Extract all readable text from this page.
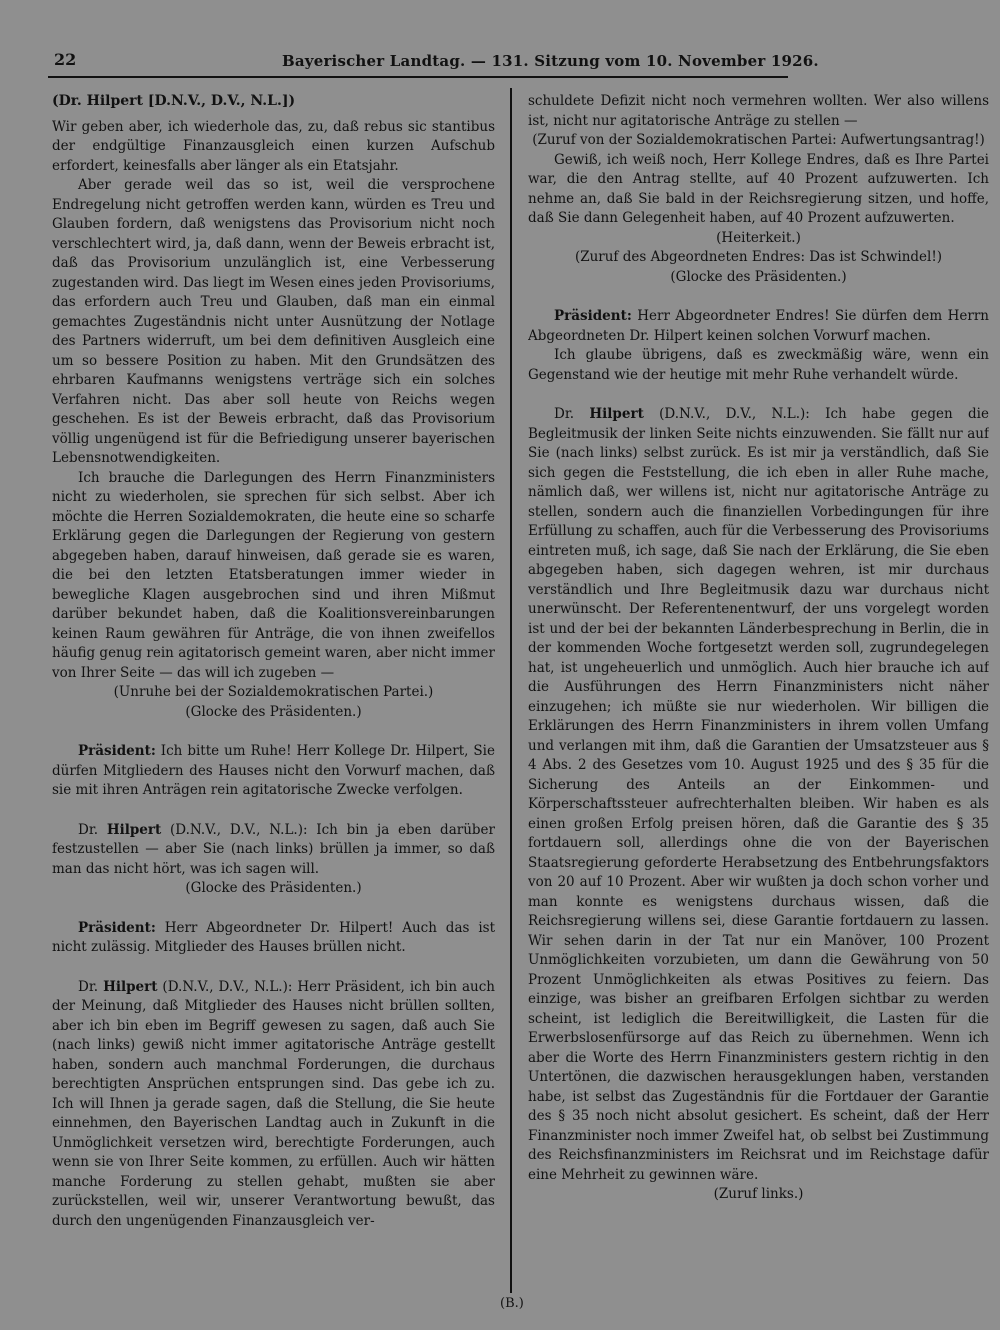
22	Bayerischer Landtag. — 131. Sitzung vom 10. November 1926.

(Dr. Hilpert [D.N.V., D.V., N.L.])

Wir geben aber, ich wiederhole das, zu, daß rebus sic stantibus der endgültige Finanzausgleich einen kurzen Aufschub erfordert, keinesfalls aber länger als ein Etatsjahr.

Aber gerade weil das so ist, weil die versprochene Endregelung nicht getroffen werden kann, würden es Treu und Glauben fordern, daß wenigstens das Provisorium nicht noch verschlechtert wird, ja, daß dann, wenn der Beweis erbracht ist, daß das Provisorium unzulänglich ist, eine Verbesserung zugestanden wird. Das liegt im Wesen eines jeden Provisoriums, das erfordern auch Treu und Glauben, daß man ein einmal gemachtes Zugeständnis nicht unter Ausnützung der Notlage des Partners widerruft, um bei dem definitiven Ausgleich eine um so bessere Position zu haben. Mit den Grundsätzen des ehrbaren Kaufmanns wenigstens verträge sich ein solches Verfahren nicht. Das aber soll heute von Reichs wegen geschehen. Es ist der Beweis erbracht, daß das Provisorium völlig ungenügend ist für die Befriedigung unserer bayerischen Lebensnotwendigkeiten.

Ich brauche die Darlegungen des Herrn Finanzministers nicht zu wiederholen, sie sprechen für sich selbst. Aber ich möchte die Herren Sozialdemokraten, die heute eine so scharfe Erklärung gegen die Darlegungen der Regierung von gestern abgegeben haben, darauf hinweisen, daß gerade sie es waren, die bei den letzten Etatsberatungen immer wieder in bewegliche Klagen ausgebrochen sind und ihren Mißmut darüber bekundet haben, daß die Koalitionsvereinbarungen keinen Raum gewähren für Anträge, die von ihnen zweifellos häufig genug rein agitatorisch gemeint waren, aber nicht immer von Ihrer Seite — das will ich zugeben —

(Unruhe bei der Sozialdemokratischen Partei.)

(Glocke des Präsidenten.)

Präsident: Ich bitte um Ruhe! Herr Kollege Dr. Hilpert, Sie dürfen Mitgliedern des Hauses nicht den Vorwurf machen, daß sie mit ihren Anträgen rein agitatorische Zwecke verfolgen.

Dr. Hilpert (D.N.V., D.V., N.L.): Ich bin ja eben darüber festzustellen — aber Sie (nach links) brüllen ja immer, so daß man das nicht hört, was ich sagen will.

(Glocke des Präsidenten.)

Präsident: Herr Abgeordneter Dr. Hilpert! Auch das ist nicht zulässig. Mitglieder des Hauses brüllen nicht.

Dr. Hilpert (D.N.V., D.V., N.L.): Herr Präsident, ich bin auch der Meinung, daß Mitglieder des Hauses nicht brüllen sollten, aber ich bin eben im Begriff gewesen zu sagen, daß auch Sie (nach links) gewiß nicht immer agitatorische Anträge gestellt haben, sondern auch manchmal Forderungen, die durchaus berechtigten Ansprüchen entsprungen sind. Das gebe ich zu. Ich will Ihnen ja gerade sagen, daß die Stellung, die Sie heute einnehmen, den Bayerischen Landtag auch in Zukunft in die Unmöglichkeit versetzen wird, berechtigte Forderungen, auch wenn sie von Ihrer Seite kommen, zu erfüllen. Auch wir hätten manche Forderung zu stellen gehabt, mußten sie aber zurückstellen, weil wir, unserer Verantwortung bewußt, das durch den ungenügenden Finanzausgleich ver-

schuldete Defizit nicht noch vermehren wollten. Wer also willens ist, nicht nur agitatorische Anträge zu stellen —

(Zuruf von der Sozialdemokratischen Partei: Aufwertungsantrag!)

Gewiß, ich weiß noch, Herr Kollege Endres, daß es Ihre Partei war, die den Antrag stellte, auf 40 Prozent aufzuwerten. Ich nehme an, daß Sie bald in der Reichsregierung sitzen, und hoffe, daß Sie dann Gelegenheit haben, auf 40 Prozent aufzuwerten.

(Heiterkeit.)

(Zuruf des Abgeordneten Endres: Das ist Schwindel!)

(Glocke des Präsidenten.)

Präsident: Herr Abgeordneter Endres! Sie dürfen dem Herrn Abgeordneten Dr. Hilpert keinen solchen Vorwurf machen.

Ich glaube übrigens, daß es zweckmäßig wäre, wenn ein Gegenstand wie der heutige mit mehr Ruhe verhandelt würde.

Dr. Hilpert (D.N.V., D.V., N.L.): Ich habe gegen die Begleitmusik der linken Seite nichts einzuwenden. Sie fällt nur auf Sie (nach links) selbst zurück. Es ist mir ja verständlich, daß Sie sich gegen die Feststellung, die ich eben in aller Ruhe mache, nämlich daß, wer willens ist, nicht nur agitatorische Anträge zu stellen, sondern auch die finanziellen Vorbedingungen für ihre Erfüllung zu schaffen, auch für die Verbesserung des Provisoriums eintreten muß, ich sage, daß Sie nach der Erklärung, die Sie eben abgegeben haben, sich dagegen wehren, ist mir durchaus verständlich und Ihre Begleitmusik dazu war durchaus nicht unerwünscht. Der Referentenentwurf, der uns vorgelegt worden ist und der bei der bekannten Länderbesprechung in Berlin, die in der kommenden Woche fortgesetzt werden soll, zugrundegelegen hat, ist ungeheuerlich und unmöglich. Auch hier brauche ich auf die Ausführungen des Herrn Finanzministers nicht näher einzugehen; ich müßte sie nur wiederholen. Wir billigen die Erklärungen des Herrn Finanzministers in ihrem vollen Umfang und verlangen mit ihm, daß die Garantien der Umsatzsteuer aus § 4 Abs. 2 des Gesetzes vom 10. August 1925 und des § 35 für die Sicherung des Anteils an der Einkommen- und Körperschaftssteuer aufrechterhalten bleiben. Wir haben es als einen großen Erfolg preisen hören, daß die Garantie des § 35 fortdauern soll, allerdings ohne die von der Bayerischen Staatsregierung geforderte Herabsetzung des Entbehrungsfaktors von 20 auf 10 Prozent. Aber wir wußten ja doch schon vorher und man konnte es wenigstens durchaus wissen, daß die Reichsregierung willens sei, diese Garantie fortdauern zu lassen. Wir sehen darin in der Tat nur ein Manöver, 100 Prozent Unmöglichkeiten vorzubieten, um dann die Gewährung von 50 Prozent Unmöglichkeiten als etwas Positives zu feiern. Das einzige, was bisher an greifbaren Erfolgen sichtbar zu werden scheint, ist lediglich die Bereitwilligkeit, die Lasten für die Erwerbslosenfürsorge auf das Reich zu übernehmen. Wenn ich aber die Worte des Herrn Finanzministers gestern richtig in den Untertönen, die dazwischen herausgeklungen haben, verstanden habe, ist selbst das Zugeständnis für die Fortdauer der Garantie des § 35 noch nicht absolut gesichert. Es scheint, daß der Herr Finanzminister noch immer Zweifel hat, ob selbst bei Zustimmung des Reichsfinanzministers im Reichsrat und im Reichstage dafür eine Mehrheit zu gewinnen wäre.

(Zuruf links.)

(B.)
